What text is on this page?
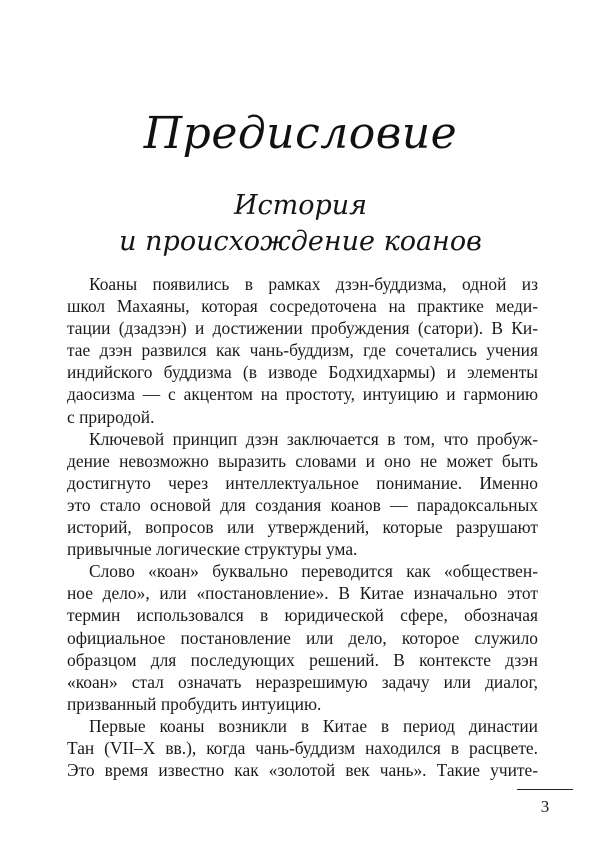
Предисловие
История
и происхождение коанов
Коаны появились в рамках дзэн-буддизма, одной из
школ Махаяны, которая сосредоточена на практике меди-
тации (дзадзэн) и достижении пробуждения (сатори). В Ки-
тае дзэн развился как чань-буддизм, где сочетались учения
индийского буддизма (в изводе Бодхидхармы) и элементы
даосизма — с акцентом на простоту, интуицию и гармонию
с природой.
Ключевой принцип дзэн заключается в том, что пробуж-
дение невозможно выразить словами и оно не может быть
достигнуто через интеллектуальное понимание. Именно
это стало основой для создания коанов — парадоксальных
историй, вопросов или утверждений, которые разрушают
привычные логические структуры ума.
Слово «коан» буквально переводится как «обществен-
ное дело», или «постановление». В Китае изначально этот
термин использовался в юридической сфере, обозначая
официальное постановление или дело, которое служило
образцом для последующих решений. В контексте дзэн
«коан» стал означать неразрешимую задачу или диалог,
призванный пробудить интуицию.
Первые коаны возникли в Китае в период династии
Тан (VII–X вв.), когда чань-буддизм находился в расцвете.
Это время известно как «золотой век чань». Такие учите-
3
